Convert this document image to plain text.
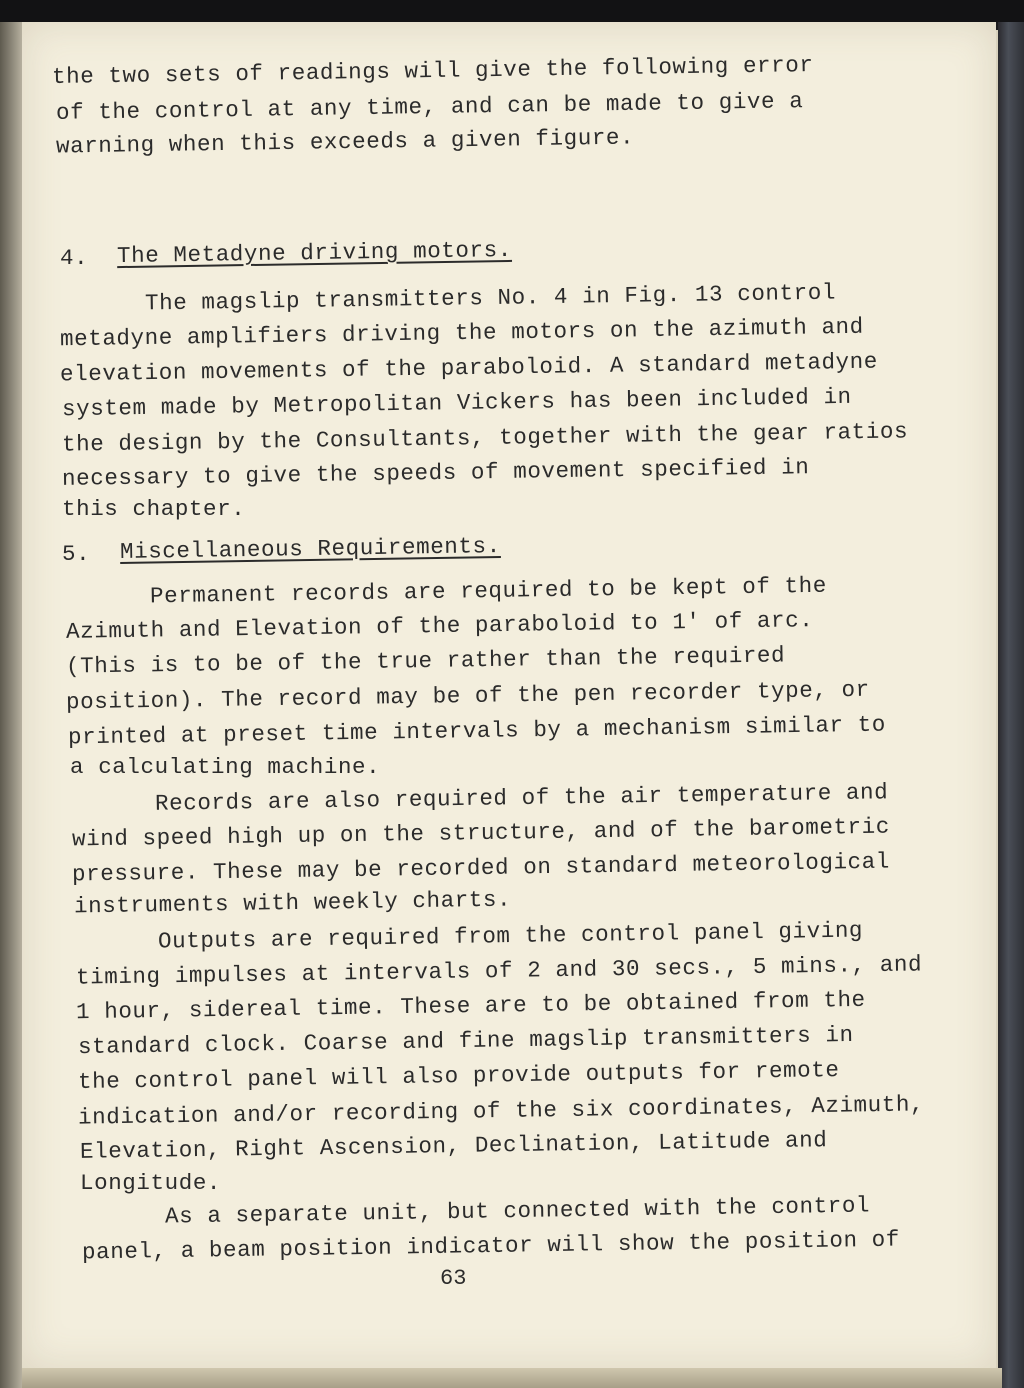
the two sets of readings will give the following error
of the control at any time, and can be made to give a
warning when this exceeds a given figure.
4. The Metadyne driving motors.
The magslip transmitters No. 4 in Fig. 13 control
metadyne amplifiers driving the motors on the azimuth and
elevation movements of the paraboloid. A standard metadyne
system made by Metropolitan Vickers has been included in
the design by the Consultants, together with the gear ratios
necessary to give the speeds of movement specified in
this chapter.
5. Miscellaneous Requirements.
Permanent records are required to be kept of the
Azimuth and Elevation of the paraboloid to 1′ of arc.
(This is to be of the true rather than the required
position). The record may be of the pen recorder type, or
printed at preset time intervals by a mechanism similar to
a calculating machine.
Records are also required of the air temperature and
wind speed high up on the structure, and of the barometric
pressure. These may be recorded on standard meteorological
instruments with weekly charts.
Outputs are required from the control panel giving
timing impulses at intervals of 2 and 30 secs., 5 mins., and
1 hour, sidereal time. These are to be obtained from the
standard clock. Coarse and fine magslip transmitters in
the control panel will also provide outputs for remote
indication and/or recording of the six coordinates, Azimuth,
Elevation, Right Ascension, Declination, Latitude and
Longitude.
As a separate unit, but connected with the control
panel, a beam position indicator will show the position of
63
